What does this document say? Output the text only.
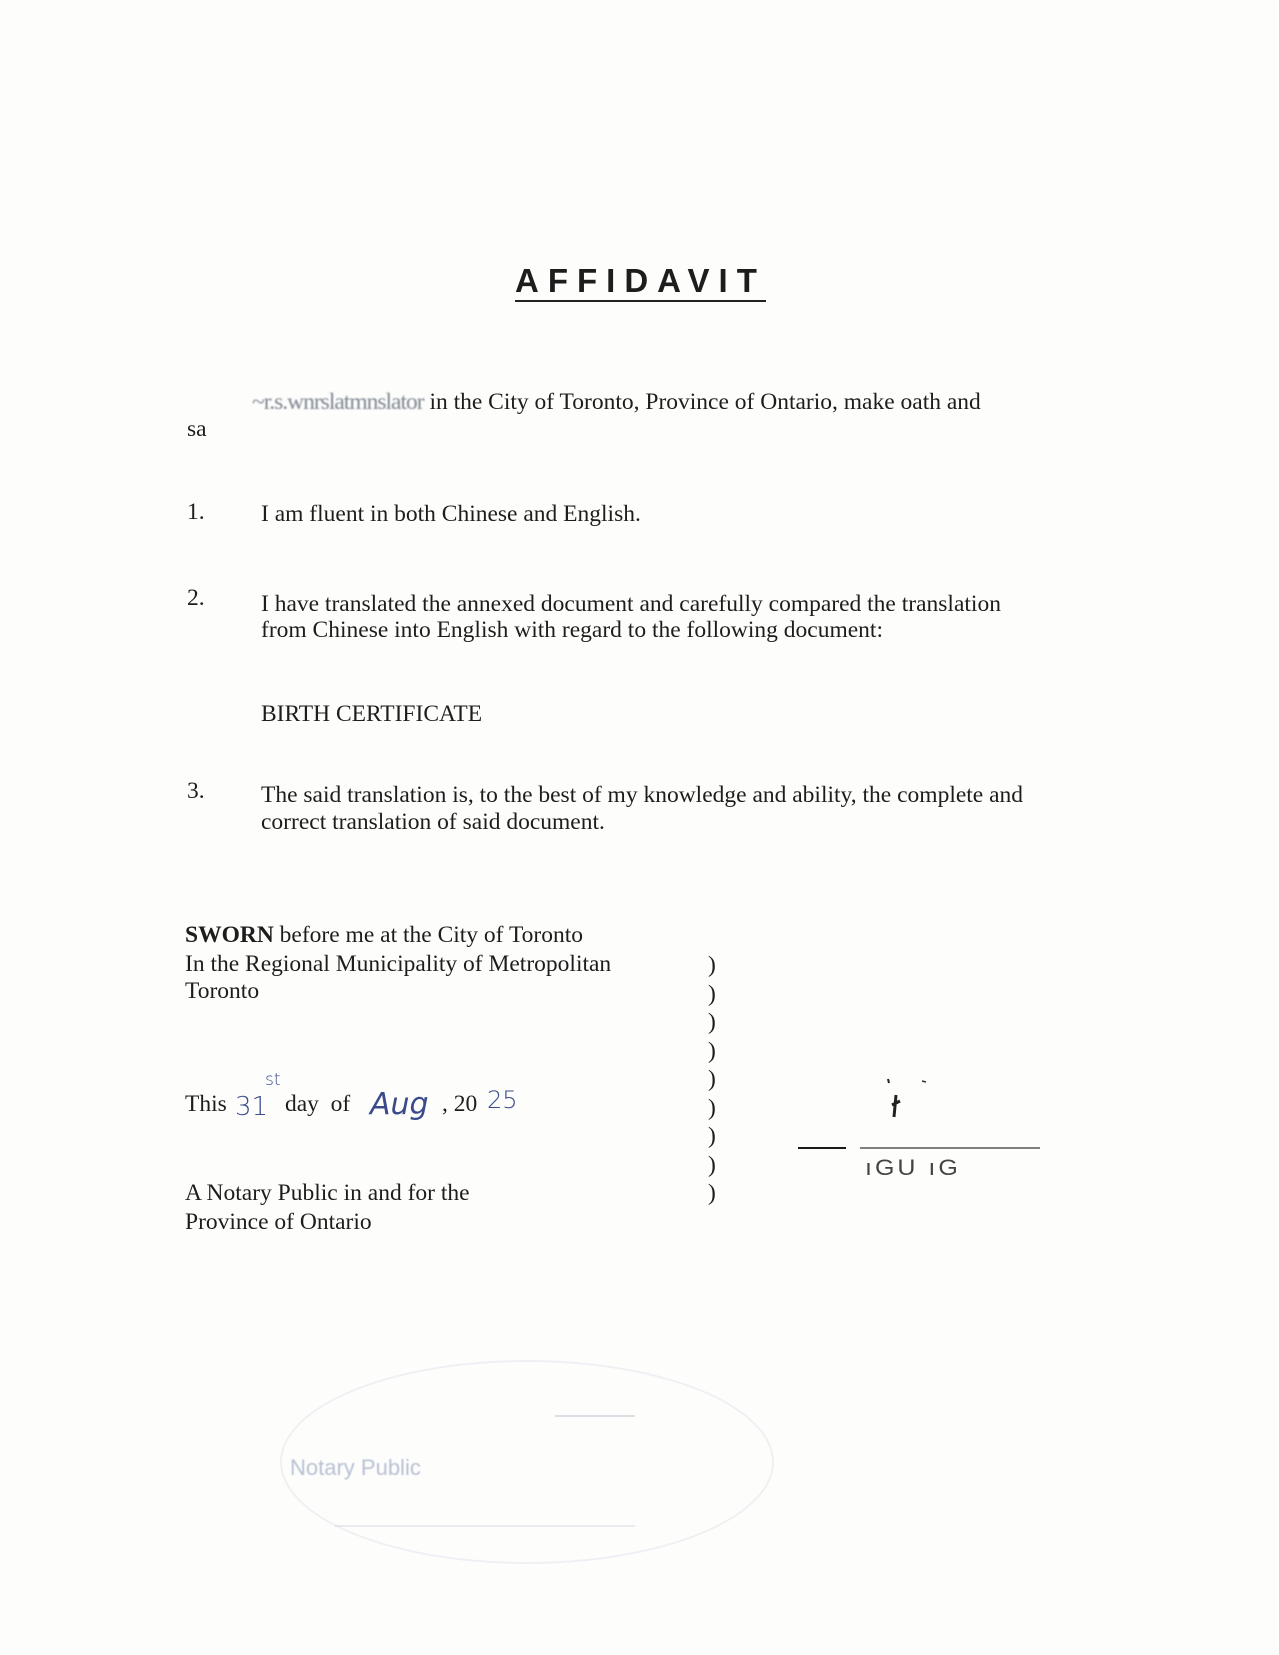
AFFIDAVIT
~r.s.wnrslatmnslator in the City of Toronto, Province of Ontario, make oath and
sa
1. I am fluent in both Chinese and English.
2. I have translated the annexed document and carefully compared the translation
from Chinese into English with regard to the following document:
BIRTH CERTIFICATE
3. The said translation is, to the best of my knowledge and ability, the complete and
correct translation of said document.
SWORN before me at the City of Toronto
In the Regional Municipality of Metropolitan
Toronto
This 31
st
day  of Aug , 20 25
A Notary Public in and for the
Province of Ontario
)
)
)
)
)
)
)
)
)
ıGU ıG
Notary Public
